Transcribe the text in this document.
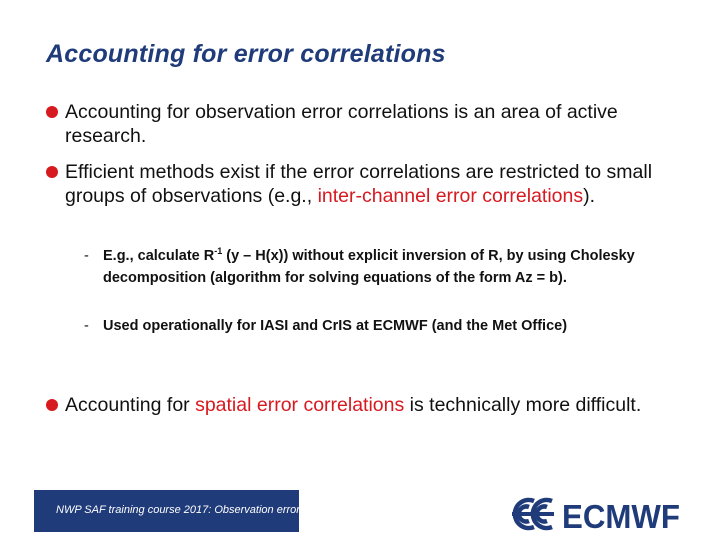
Accounting for error correlations
Accounting for observation error correlations is an area of active research.
Efficient methods exist if the error correlations are restricted to small groups of observations (e.g., inter-channel error correlations).
- E.g., calculate $R^{-1}$ (y – H(x)) without explicit inversion of R, by using Cholesky decomposition (algorithm for solving equations of the form Az = b).
- Used operationally for IASI and CrIS at ECMWF (and the Met Office)
Accounting for spatial error correlations is technically more difficult.
NWP SAF training course 2017: Observation errors	ECMWF
